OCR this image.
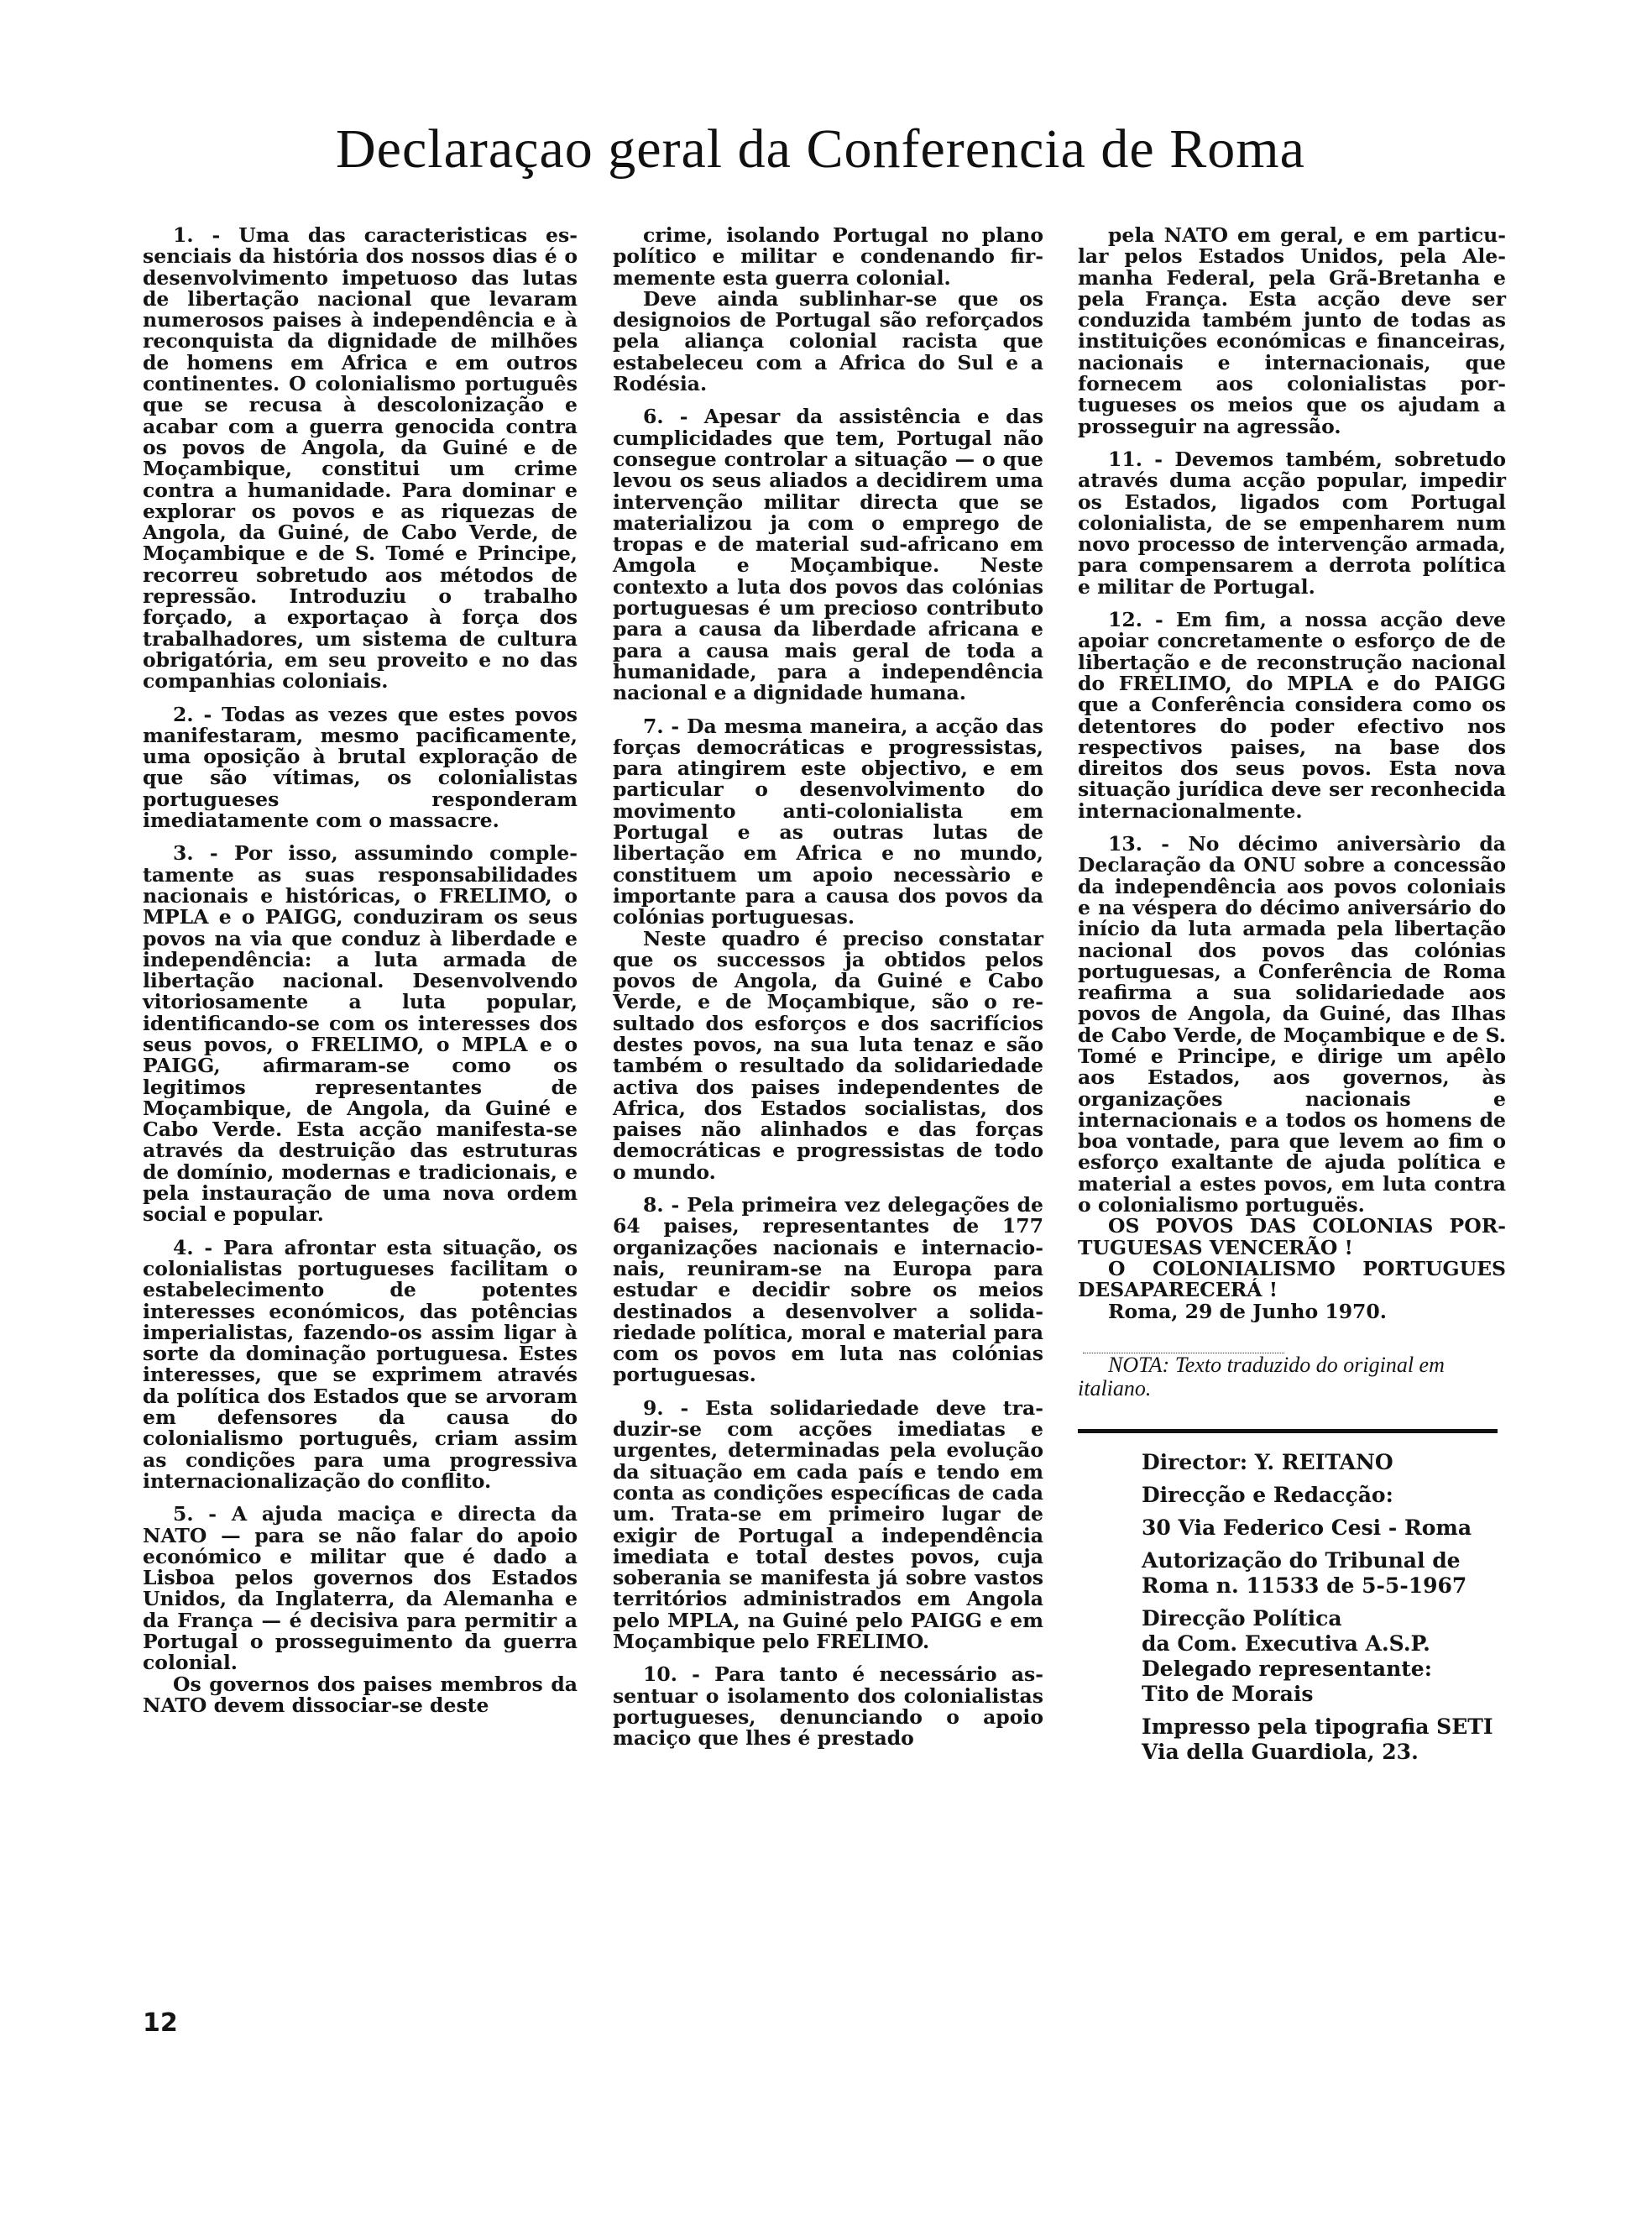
Declaraçao geral da Conferencia de Roma

1. - Uma das caracteristicas essenciais da história dos nossos dias é o desenvolvimento impetuoso das lutas de libertação nacional que levaram numerosos paises à independência e à reconquista da dignidade de milhões de homens em Africa e em outros continentes. O colonialismo português que se recusa à descolonização e acabar com a guerra genocida contra os povos de Angola, da Guiné e de Moçambique, constitui um crime contra a humanidade. Para dominar e explorar os povos e as riquezas de Angola, da Guiné, de Cabo Verde, de Moçambique e de S. Tomé e Principe, recorreu sobretudo aos métodos de repressão. Introduziu o trabalho forçado, a exportaçao à força dos trabalhadores, um sistema de cultura obrigatória, em seu proveito e no das companhias coloniais.

2. - Todas as vezes que estes povos manifestaram, mesmo pacificamente, uma oposição à brutal exploração de que são vítimas, os colonialistas portugueses responderam imediatamente com o massacre.

3. - Por isso, assumindo completamente as suas responsabilidades nacionais e históricas, o FRELIMO, o MPLA e o PAIGG, conduziram os seus povos na via que conduz à liberdade e independência: a luta armada de libertação nacional. Desenvolvendo vitoriosamente a luta popular, identificando-se com os interesses dos seus povos, o FRELIMO, o MPLA e o PAIGG, afirmaram-se como os legitimos representantes de Moçambique, de Angola, da Guiné e Cabo Verde. Esta acção manifesta-se através da destruição das estruturas de domínio, modernas e tradicionais, e pela instauração de uma nova ordem social e popular.

4. - Para afrontar esta situação, os colonialistas portugueses facilitam o estabelecimento de potentes interesses económicos, das potências imperialistas, fazendo-os assim ligar à sorte da dominação portuguesa. Estes interesses, que se exprimem através da política dos Estados que se arvoram em defensores da causa do colonialismo português, criam assim as condições para uma progressiva internacionalização do conflito.

5. - A ajuda maciça e directa da NATO — para se não falar do apoio económico e militar que é dado a Lisboa pelos governos dos Estados Unidos, da Inglaterra, da Alemanha e da França — é decisiva para permitir a Portugal o prosseguimento da guerra colonial.

Os governos dos paises membros da NATO devem dissociar-se deste

crime, isolando Portugal no plano político e militar e condenando firmemente esta guerra colonial.

Deve ainda sublinhar-se que os designoios de Portugal são reforçados pela aliança colonial racista que estabeleceu com a Africa do Sul e a Rodésia.

6. - Apesar da assistência e das cumplicidades que tem, Portugal não consegue controlar a situação — o que levou os seus aliados a decidirem uma intervenção militar directa que se materializou ja com o emprego de tropas e de material sud-africano em Amgola e Moçambique. Neste contexto a luta dos povos das colónias portuguesas é um precioso contributo para a causa da liberdade africana e para a causa mais geral de toda a humanidade, para a independência nacional e a dignidade humana.

7. - Da mesma maneira, a acção das forças democráticas e progressistas, para atingirem este objectivo, e em particular o desenvolvimento do movimento anti-colonialista em Portugal e as outras lutas de libertação em Africa e no mundo, constituem um apoio necessàrio e importante para a causa dos povos da colónias portuguesas.

Neste quadro é preciso constatar que os successos ja obtidos pelos povos de Angola, da Guiné e Cabo Verde, e de Moçambique, são o resultado dos esforços e dos sacrifícios destes povos, na sua luta tenaz e são também o resultado da solidariedade activa dos paises independentes de Africa, dos Estados socialistas, dos paises não alinhados e das forças democráticas e progressistas de todo o mundo.

8. - Pela primeira vez delegações de 64 paises, representantes de 177 organizações nacionais e internacionais, reuniram-se na Europa para estudar e decidir sobre os meios destinados a desenvolver a solidariedade política, moral e material para com os povos em luta nas colónias portuguesas.

9. - Esta solidariedade deve traduzir-se com acções imediatas e urgentes, determinadas pela evolução da situação em cada país e tendo em conta as condições específicas de cada um. Trata-se em primeiro lugar de exigir de Portugal a independência imediata e total destes povos, cuja soberania se manifesta já sobre vastos territórios administrados em Angola pelo MPLA, na Guiné pelo PAIGG e em Moçambique pelo FRELIMO.

10. - Para tanto é necessário assentuar o isolamento dos colonialistas portugueses, denunciando o apoio maciço que lhes é prestado

pela NATO em geral, e em particular pelos Estados Unidos, pela Alemanha Federal, pela Grã-Bretanha e pela França. Esta acção deve ser conduzida também junto de todas as instituições económicas e financeiras, nacionais e internacionais, que fornecem aos colonialistas portugueses os meios que os ajudam a prosseguir na agressão.

11. - Devemos também, sobretudo através duma acção popular, impedir os Estados, ligados com Portugal colonialista, de se empenharem num novo processo de intervenção armada, para compensarem a derrota política e militar de Portugal.

12. - Em fim, a nossa acção deve apoiar concretamente o esforço de de libertação e de reconstrução nacional do FRELIMO, do MPLA e do PAIGG que a Conferência considera como os detentores do poder efectivo nos respectivos paises, na base dos direitos dos seus povos. Esta nova situação jurídica deve ser reconhecida internacionalmente.

13. - No décimo aniversàrio da Declaração da ONU sobre a concessão da independência aos povos coloniais e na véspera do décimo aniversário do início da luta armada pela libertação nacional dos povos das colónias portuguesas, a Conferência de Roma reafirma a sua solidariedade aos povos de Angola, da Guiné, das Ilhas de Cabo Verde, de Moçambique e de S. Tomé e Principe, e dirige um apêlo aos Estados, aos governos, às organizações nacionais e internacionais e a todos os homens de boa vontade, para que levem ao fim o esforço exaltante de ajuda política e material a estes povos, em luta contra o colonialismo portuguës.

OS POVOS DAS COLONIAS PORTUGUESAS VENCERÃO !

O COLONIALISMO PORTUGUES DESAPARECERÁ !

Roma, 29 de Junho 1970.

NOTA: Texto traduzido do original em italiano.

Director: Y. REITANO
Direcção e Redacção:
30 Via Federico Cesi - Roma
Autorização do Tribunal de
Roma n. 11533 de 5-5-1967
Direcção Política
da Com. Executiva A.S.P.
Delegado representante:
Tito de Morais
Impresso pela tipografia SETI
Via della Guardiola, 23.
12
